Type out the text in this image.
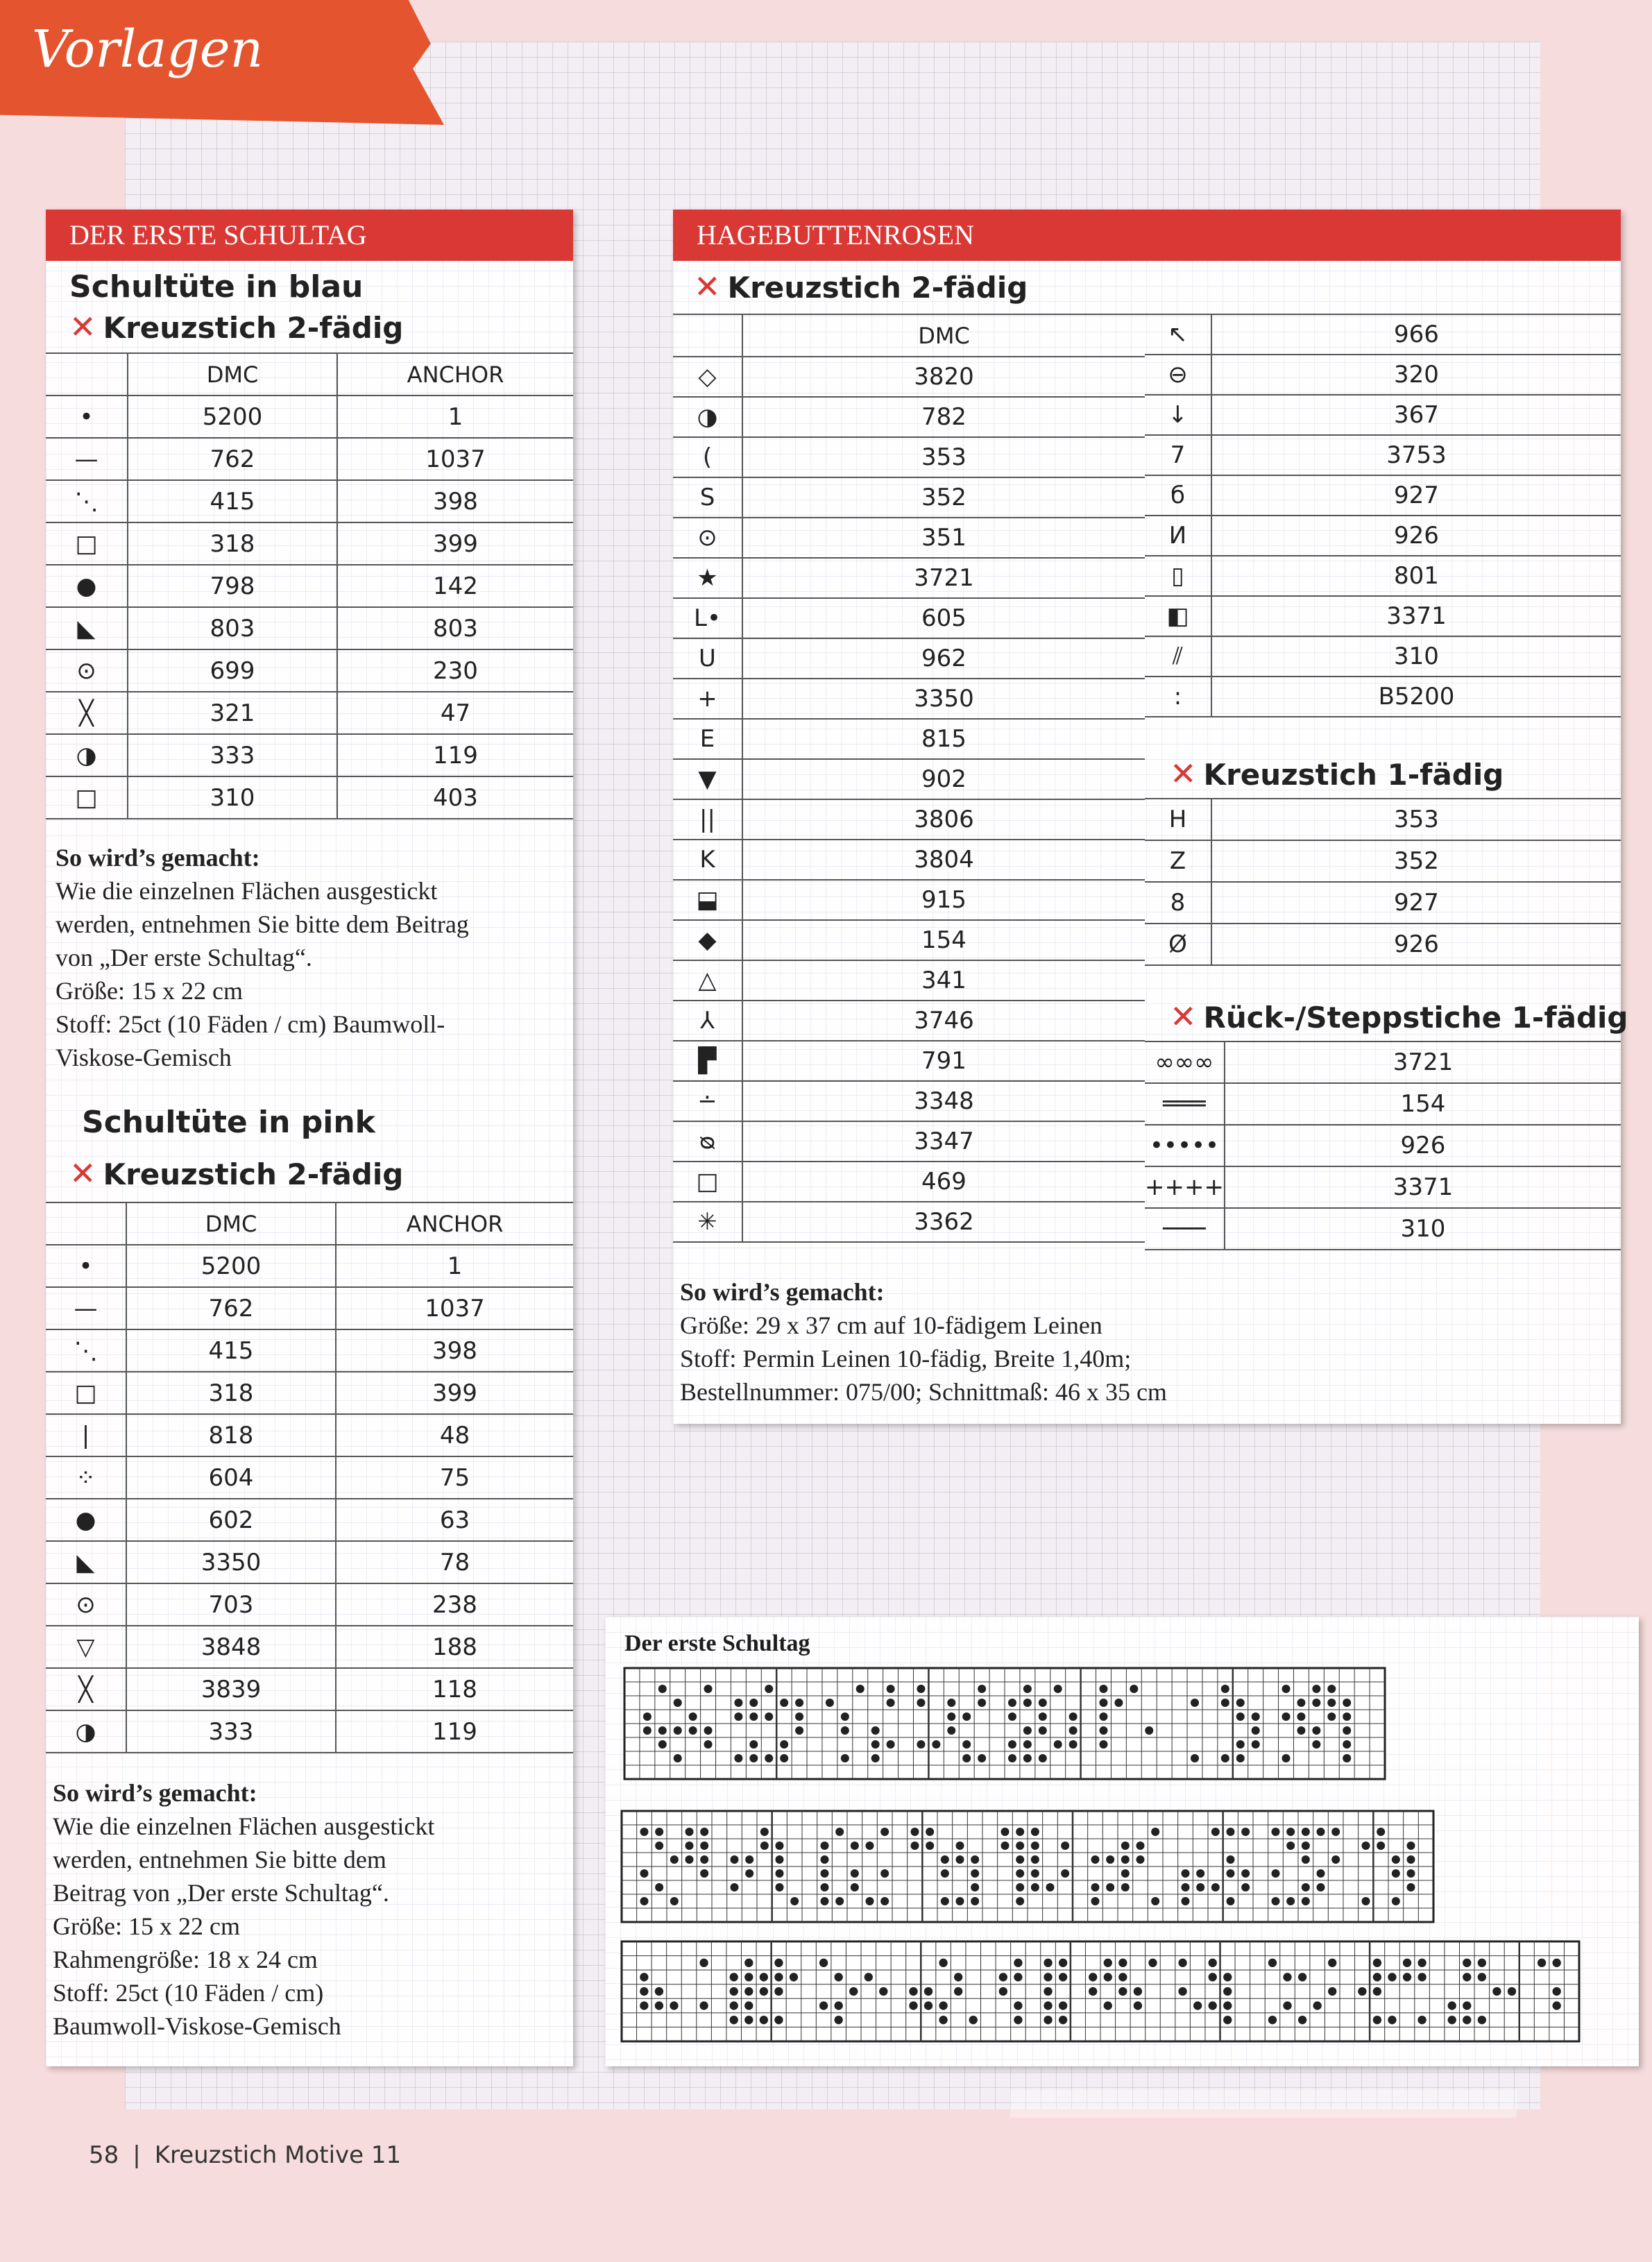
Vorlagen
DER ERSTE SCHULTAG
Schultüte in blau
✕ Kreuzstich 2-fädig
	DMC	ANCHOR
•	5200	1
—	762	1037
⋱	415	398
□	318	399
●	798	142
◣	803	803
⊙	699	230
╳	321	47
◑	333	119
□	310	403
So wird’s gemacht:
Wie die einzelnen Flächen ausgestickt
werden, entnehmen Sie bitte dem Beitrag
von „Der erste Schultag“.
Größe: 15 x 22 cm
Stoff: 25ct (10 Fäden / cm) Baumwoll-
Viskose-Gemisch
Schultüte in pink
✕ Kreuzstich 2-fädig
	DMC	ANCHOR
•	5200	1
—	762	1037
⋱	415	398
□	318	399
|	818	48
⁘	604	75
●	602	63
◣	3350	78
⊙	703	238
▽	3848	188
╳	3839	118
◑	333	119
So wird’s gemacht:
Wie die einzelnen Flächen ausgestickt
werden, entnehmen Sie bitte dem
Beitrag von „Der erste Schultag“.
Größe: 15 x 22 cm
Rahmengröße: 18 x 24 cm
Stoff: 25ct (10 Fäden / cm)
Baumwoll-Viskose-Gemisch
HAGEBUTTENROSEN
✕ Kreuzstich 2-fädig
	DMC
◇	3820
◑	782
(	353
S	352
⊙	351
★	3721
L•	605
U	962
+	3350
E	815
▼	902
||	3806
K	3804
⬓	915
◆	154
△	341
⅄	3746
▛	791
∸	3348
ᴓ	3347
□	469
✳	3362
↖	966
⊖	320
↓	367
7	3753
б	927
И	926
▯	801
◧	3371
⫽	310
:	B5200
✕ Kreuzstich 1-fädig
H	353
Z	352
8	927
Ø	926
✕ Rück-/Steppstiche 1-fädig
∞∞∞	3721
═══	154
•••••	926
++++	3371
───	310
So wird’s gemacht:
Größe: 29 x 37 cm auf 10-fädigem Leinen
Stoff: Permin Leinen 10-fädig, Breite 1,40m;
Bestellnummer: 075/00; Schnittmaß: 46 x 35 cm
Der erste Schultag
58 | Kreuzstich Motive 11
